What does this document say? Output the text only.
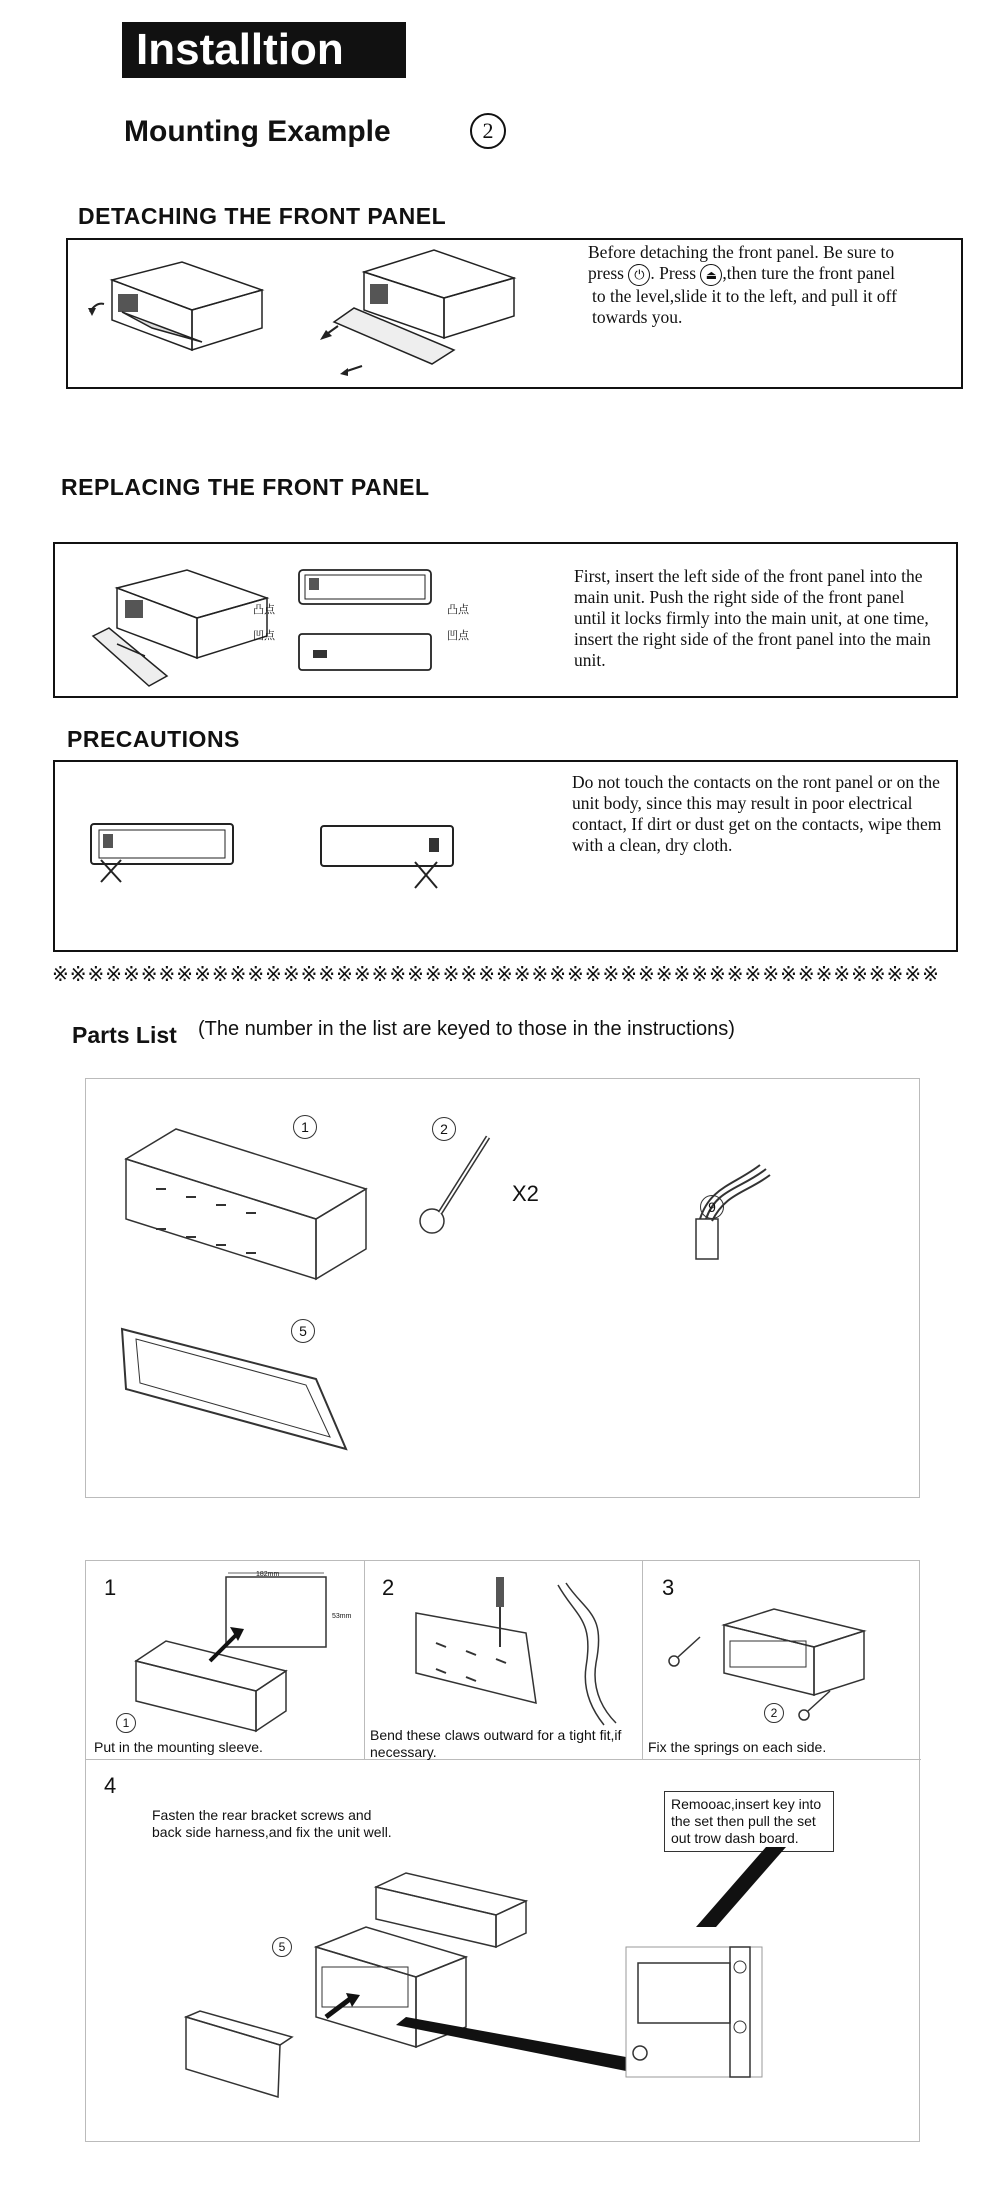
Installtion
Mounting Example	2
DETACHING THE FRONT PANEL
Before detaching the front panel. Be sure to
press ⏻ . Press ⏏ ,then ture the front panel
to the level,slide it to the left, and pull it off
towards you.
REPLACING THE FRONT PANEL
凸点	凸点
凹点	凹点
First, insert the left side of the front panel into the main unit. Push the right side of the front panel until it locks firmly into the main unit, at one time, insert the right side of the front panel into the main unit.
PRECAUTIONS
Do not touch the contacts on the ront panel or on the unit body, since this may result in poor electrical contact, If dirt or dust get on the contacts, wipe them with a clean, dry cloth.
※※※※※※※※※※※※※※※※※※※※※※※※※※※※※※※※※※※※※※※※※※※※※※※※※※
Parts List (The number in the list are keyed to those in the instructions)
1	2
X2
9
5
1
182mm
53mm
1
Put in the mounting sleeve.
2
Bend these claws outward for a tight fit,if necessary.
3
2
Fix the springs on each side.
4
Fasten the rear bracket screws and back side harness,and fix the unit well.
Remooac,insert key into the set then pull the set out trow dash board.
5
